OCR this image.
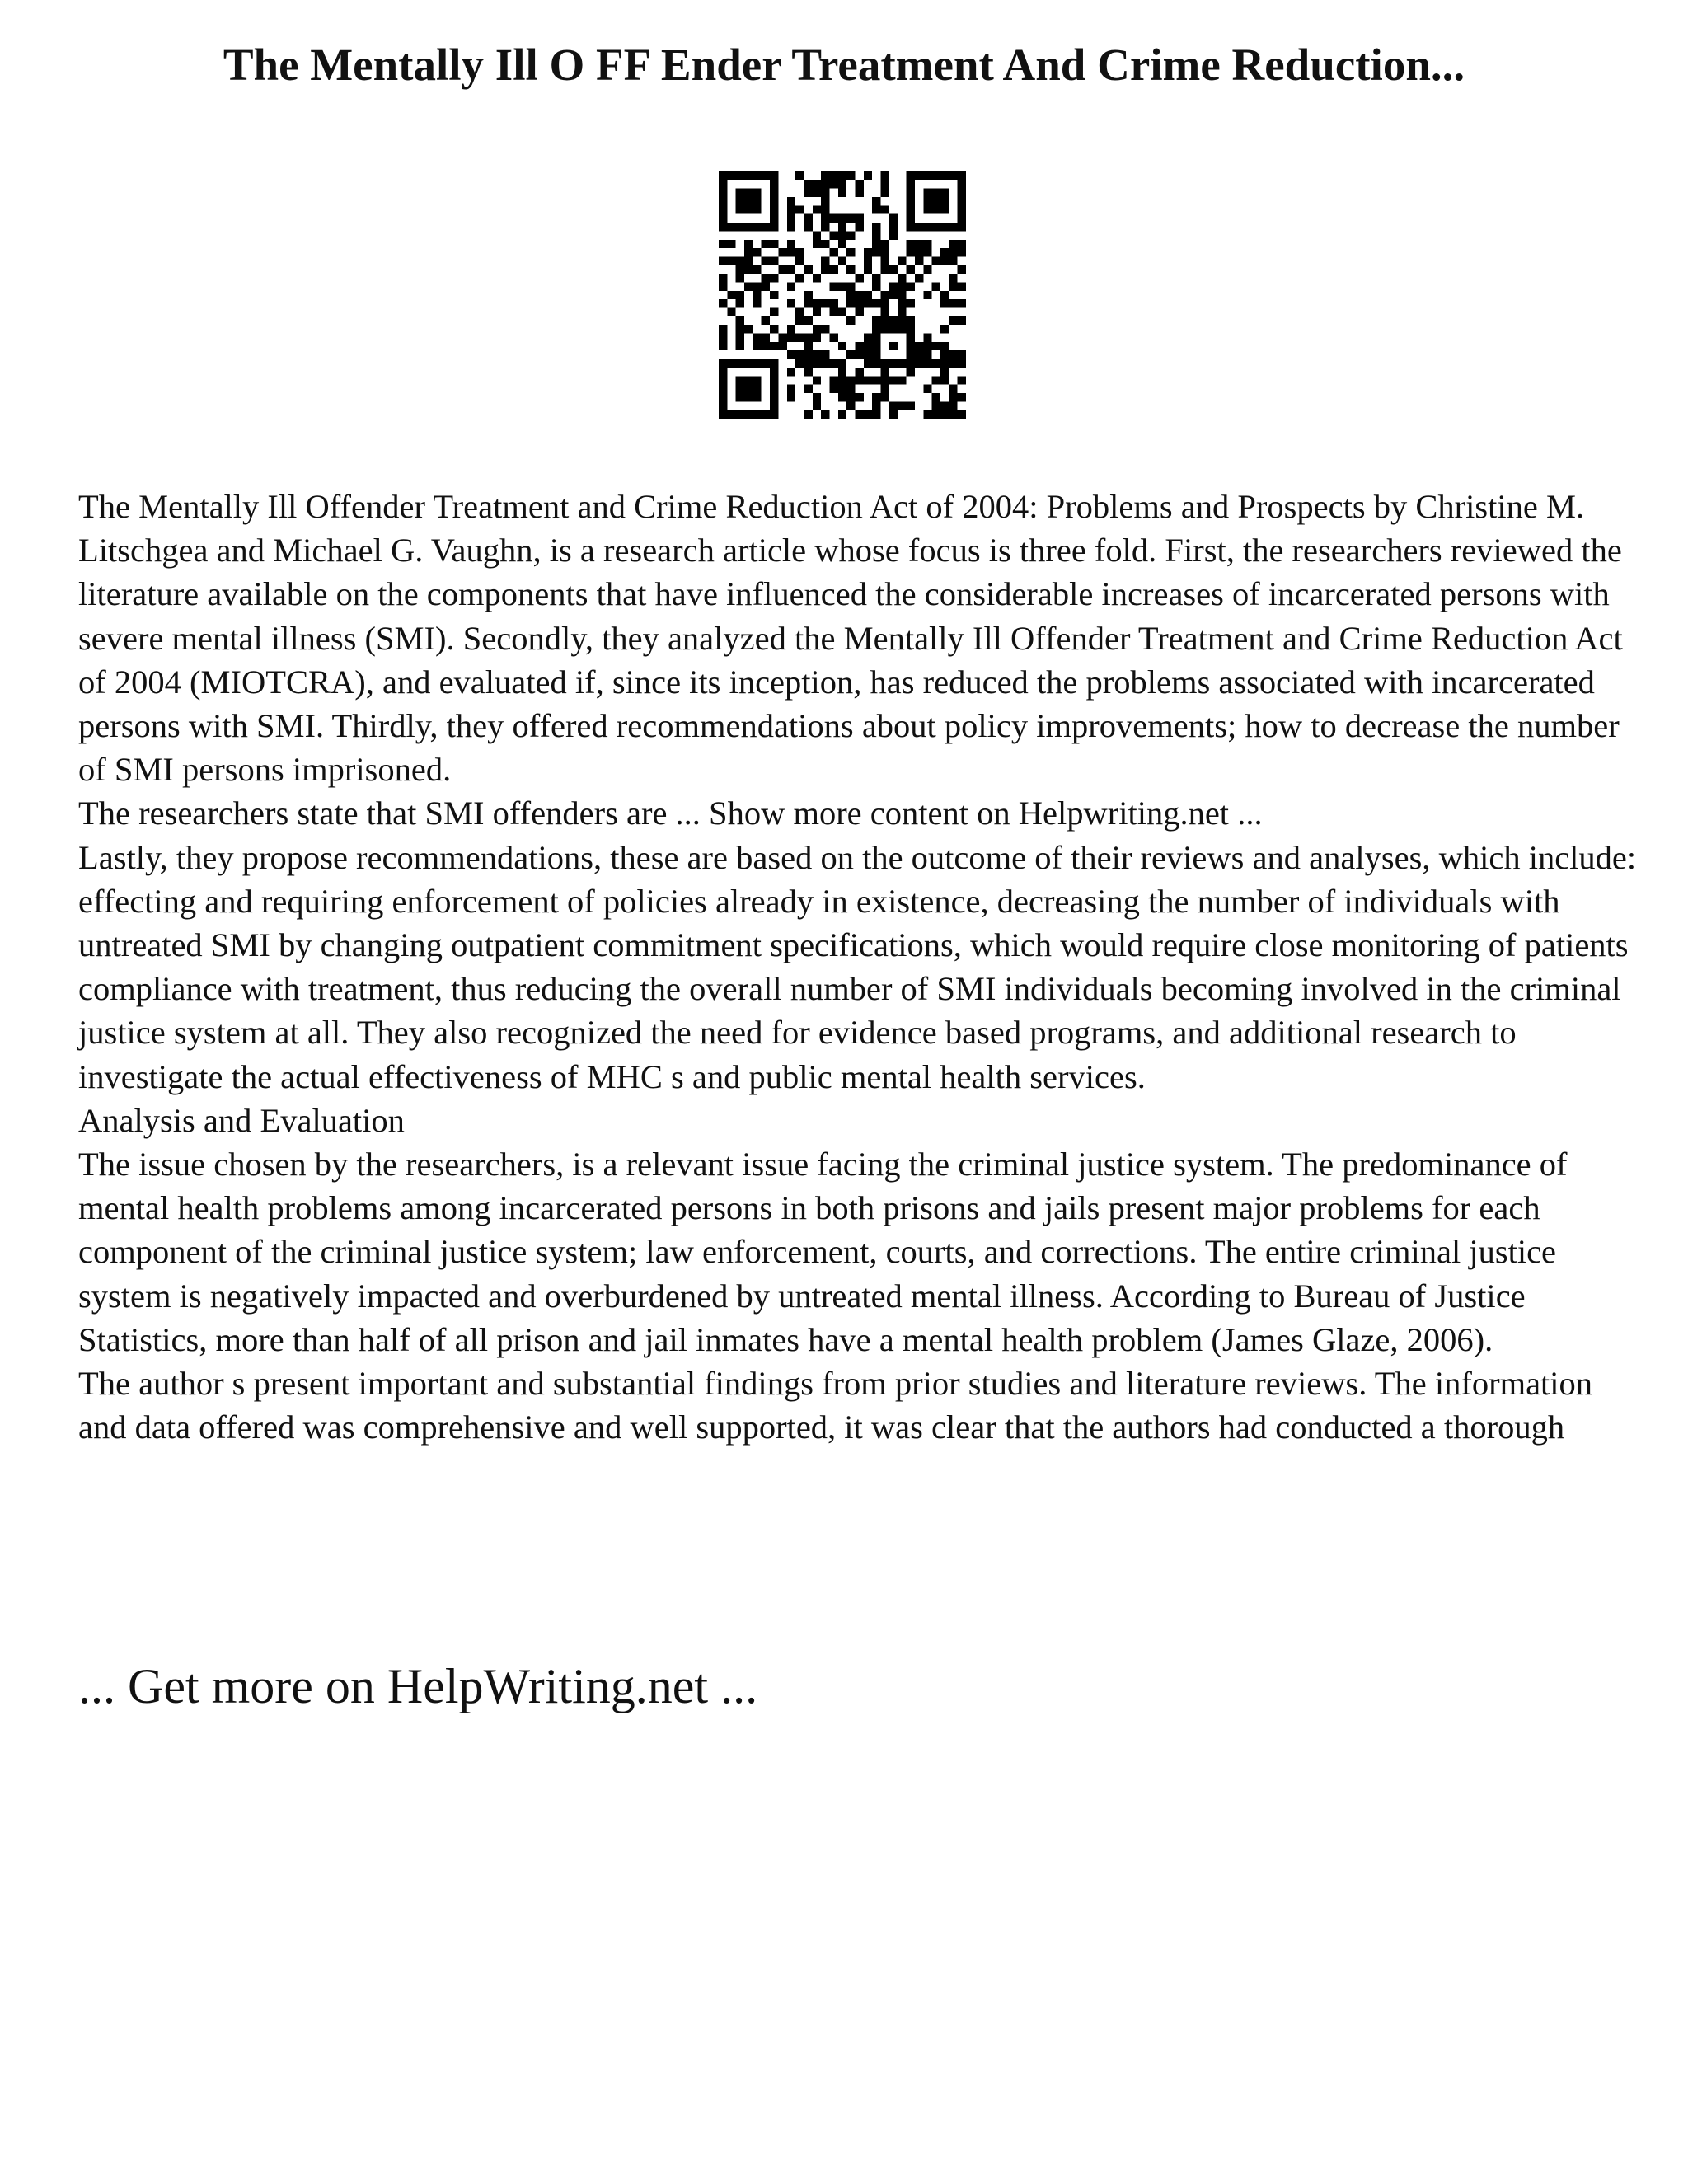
The Mentally Ill O FF Ender Treatment And Crime Reduction...

The Mentally Ill Offender Treatment and Crime Reduction Act of 2004: Problems and Prospects by Christine M. Litschgea and Michael G. Vaughn, is a research article whose focus is three fold. First, the researchers reviewed the literature available on the components that have influenced the considerable increases of incarcerated persons with severe mental illness (SMI). Secondly, they analyzed the Mentally Ill Offender Treatment and Crime Reduction Act of 2004 (MIOTCRA), and evaluated if, since its inception, has reduced the problems associated with incarcerated persons with SMI. Thirdly, they offered recommendations about policy improvements; how to decrease the number of SMI persons imprisoned.

The researchers state that SMI offenders are ... Show more content on Helpwriting.net ...

Lastly, they propose recommendations, these are based on the outcome of their reviews and analyses, which include: effecting and requiring enforcement of policies already in existence, decreasing the number of individuals with untreated SMI by changing outpatient commitment specifications, which would require close monitoring of patients compliance with treatment, thus reducing the overall number of SMI individuals becoming involved in the criminal justice system at all. They also recognized the need for evidence based programs, and additional research to investigate the actual effectiveness of MHC s and public mental health services.

Analysis and Evaluation

The issue chosen by the researchers, is a relevant issue facing the criminal justice system. The predominance of mental health problems among incarcerated persons in both prisons and jails present major problems for each component of the criminal justice system; law enforcement, courts, and corrections. The entire criminal justice system is negatively impacted and overburdened by untreated mental illness. According to Bureau of Justice Statistics, more than half of all prison and jail inmates have a mental health problem (James Glaze, 2006).

The author s present important and substantial findings from prior studies and literature reviews. The information and data offered was comprehensive and well supported, it was clear that the authors had conducted a thorough

... Get more on HelpWriting.net ...
